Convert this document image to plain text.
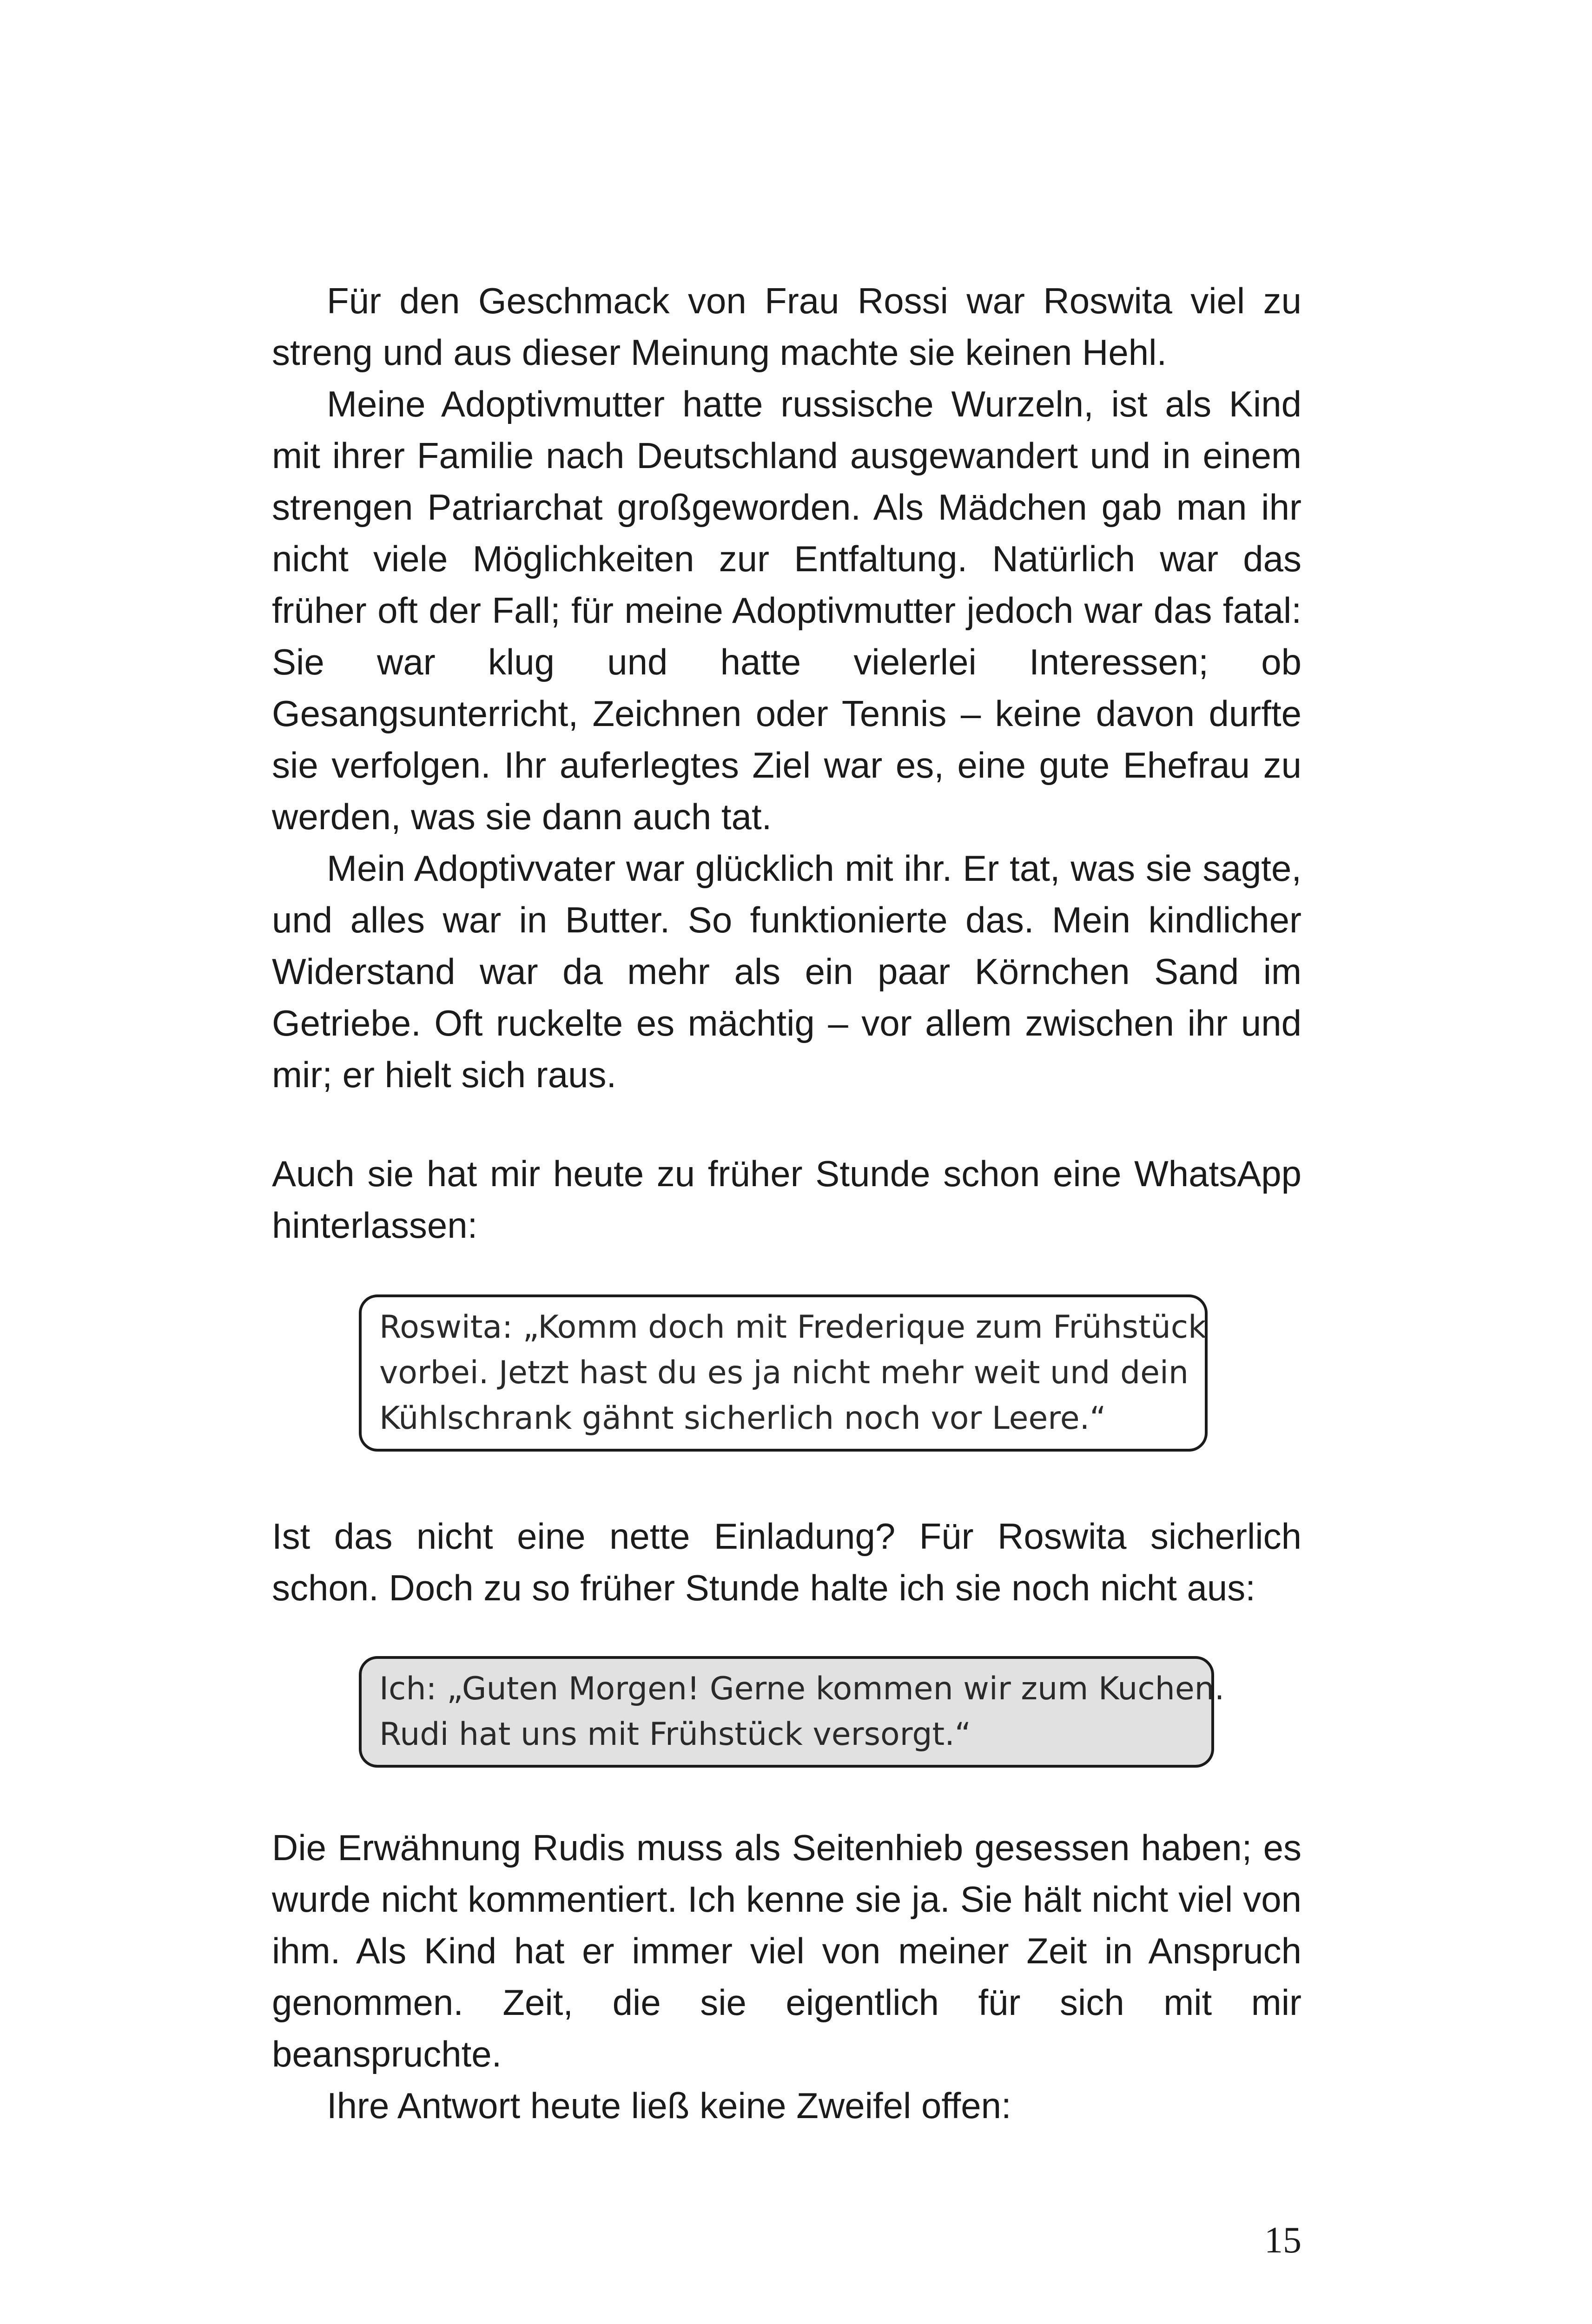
Für den Geschmack von Frau Rossi war Roswita viel zu streng und aus dieser Meinung machte sie keinen Hehl.

Meine Adoptivmutter hatte russische Wurzeln, ist als Kind mit ihrer Familie nach Deutschland ausgewandert und in einem strengen Patriarchat großgeworden. Als Mädchen gab man ihr nicht viele Möglichkeiten zur Entfaltung. Natürlich war das früher oft der Fall; für meine Adoptivmutter jedoch war das fatal: Sie war klug und hatte vielerlei Interessen; ob Gesangsunterricht, Zeichnen oder Tennis – keine davon durfte sie verfolgen. Ihr auferlegtes Ziel war es, eine gute Ehefrau zu werden, was sie dann auch tat.

Mein Adoptivvater war glücklich mit ihr. Er tat, was sie sagte, und alles war in Butter. So funktionierte das. Mein kindlicher Widerstand war da mehr als ein paar Körnchen Sand im Getriebe. Oft ruckelte es mächtig – vor allem zwischen ihr und mir; er hielt sich raus.

Auch sie hat mir heute zu früher Stunde schon eine WhatsApp hinterlassen:

Roswita: „Komm doch mit Frederique zum Frühstück
vorbei. Jetzt hast du es ja nicht mehr weit und dein
Kühlschrank gähnt sicherlich noch vor Leere.“

Ist das nicht eine nette Einladung? Für Roswita sicherlich schon. Doch zu so früher Stunde halte ich sie noch nicht aus:

Ich: „Guten Morgen! Gerne kommen wir zum Kuchen.
Rudi hat uns mit Frühstück versorgt.“

Die Erwähnung Rudis muss als Seitenhieb gesessen haben; es wurde nicht kommentiert. Ich kenne sie ja. Sie hält nicht viel von ihm. Als Kind hat er immer viel von meiner Zeit in Anspruch genommen. Zeit, die sie eigentlich für sich mit mir beanspruchte.

Ihre Antwort heute ließ keine Zweifel offen:

15
